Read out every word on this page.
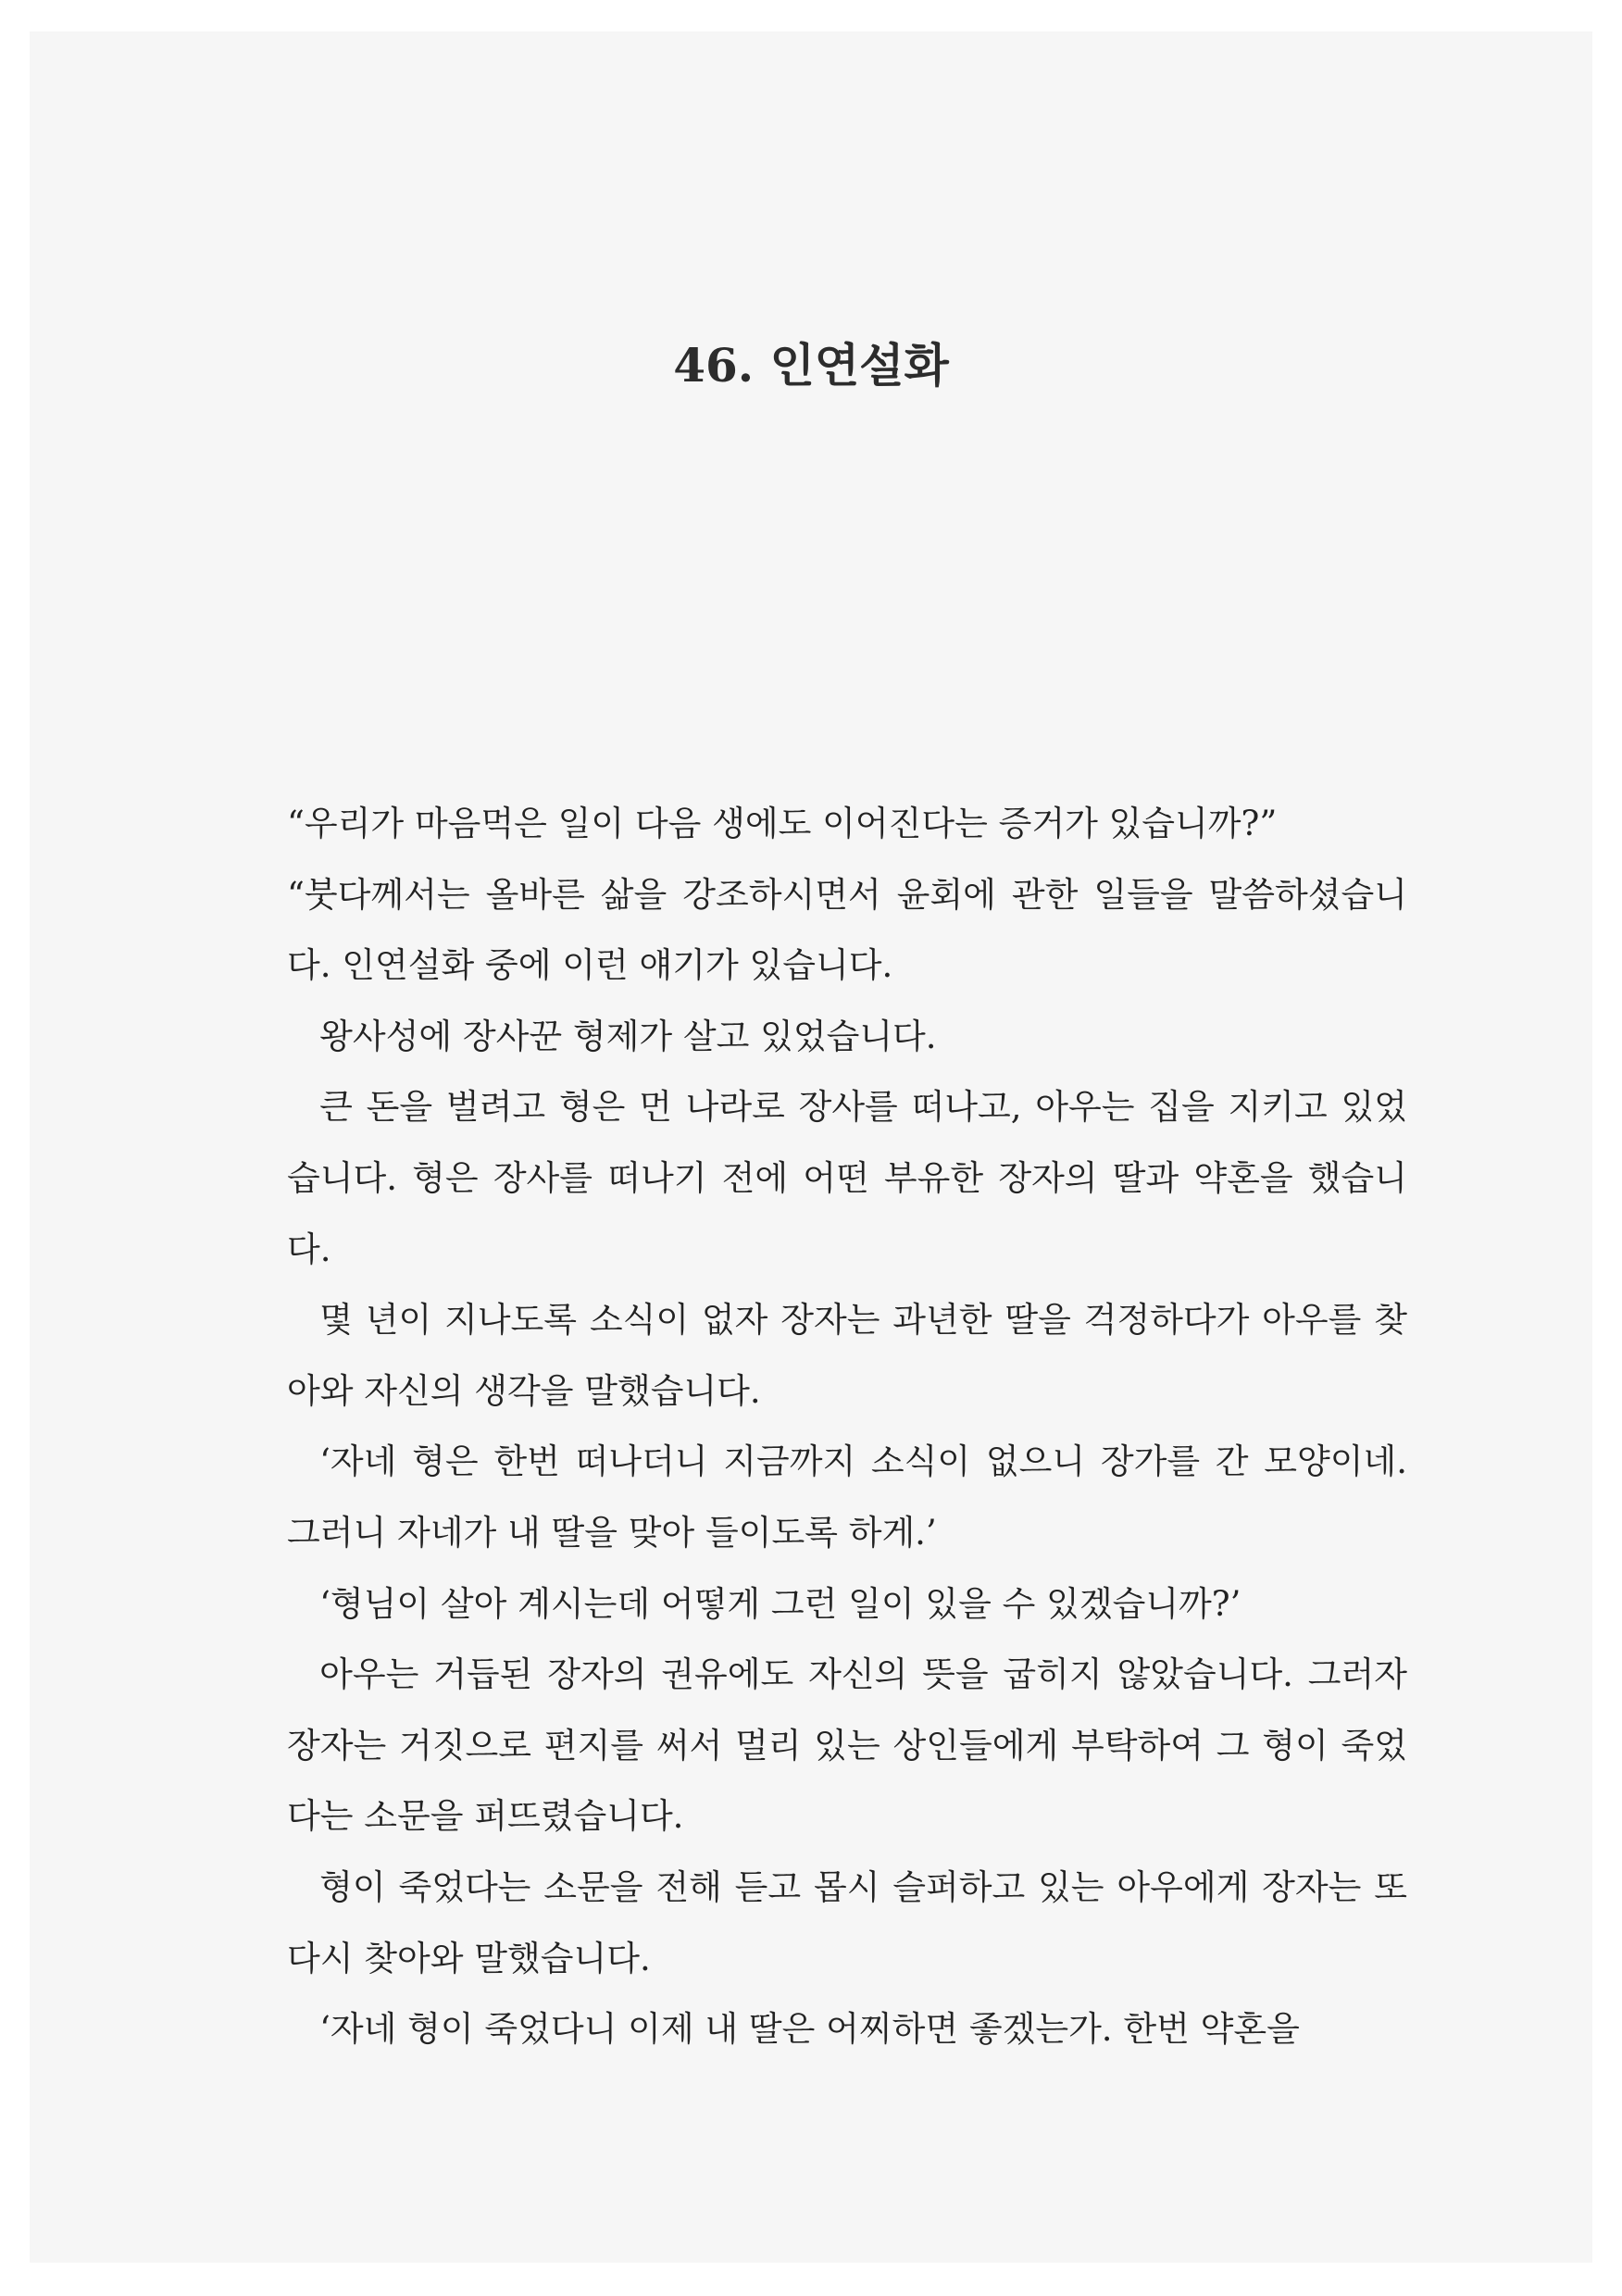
46. 인연설화

“우리가 마음먹은 일이 다음 생에도 이어진다는 증거가 있습니까?”

“붓다께서는 올바른 삶을 강조하시면서 윤회에 관한 일들을 말씀하셨습니다. 인연설화 중에 이런 얘기가 있습니다.

왕사성에 장사꾼 형제가 살고 있었습니다.

큰 돈을 벌려고 형은 먼 나라로 장사를 떠나고, 아우는 집을 지키고 있었습니다. 형은 장사를 떠나기 전에 어떤 부유한 장자의 딸과 약혼을 했습니다.

몇 년이 지나도록 소식이 없자 장자는 과년한 딸을 걱정하다가 아우를 찾아와 자신의 생각을 말했습니다.

‘자네 형은 한번 떠나더니 지금까지 소식이 없으니 장가를 간 모양이네. 그러니 자네가 내 딸을 맞아 들이도록 하게.’

‘형님이 살아 계시는데 어떻게 그런 일이 있을 수 있겠습니까?’

아우는 거듭된 장자의 권유에도 자신의 뜻을 굽히지 않았습니다. 그러자 장자는 거짓으로 편지를 써서 멀리 있는 상인들에게 부탁하여 그 형이 죽었다는 소문을 퍼뜨렸습니다.

형이 죽었다는 소문을 전해 듣고 몹시 슬퍼하고 있는 아우에게 장자는 또다시 찾아와 말했습니다.

‘자네 형이 죽었다니 이제 내 딸은 어찌하면 좋겠는가. 한번 약혼을
